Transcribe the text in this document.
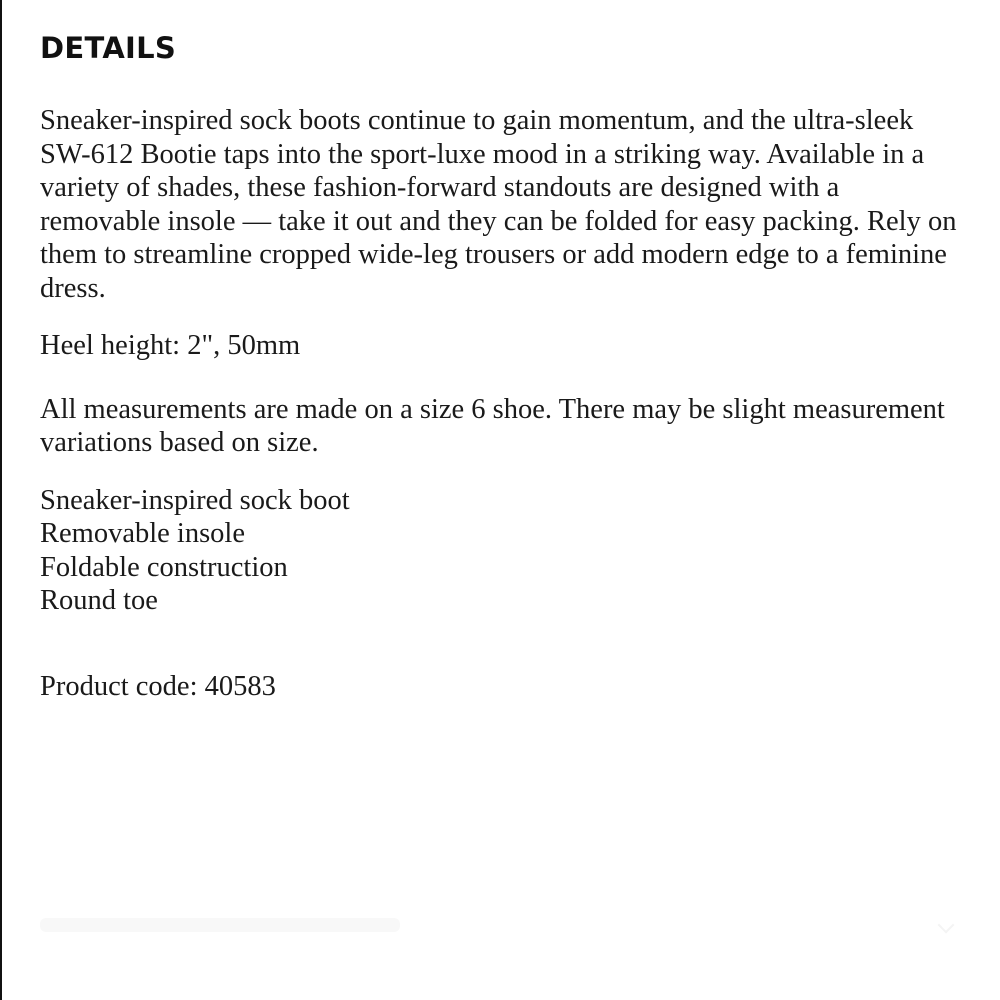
DETAILS

Sneaker-inspired sock boots continue to gain momentum, and the ultra-sleek SW-612 Bootie taps into the sport-luxe mood in a striking way. Available in a variety of shades, these fashion-forward standouts are designed with a removable insole — take it out and they can be folded for easy packing. Rely on them to streamline cropped wide-leg trousers or add modern edge to a feminine dress.

Heel height: 2", 50mm

All measurements are made on a size 6 shoe. There may be slight measurement variations based on size.

Sneaker-inspired sock boot
Removable insole
Foldable construction
Round toe

Product code: 40583
